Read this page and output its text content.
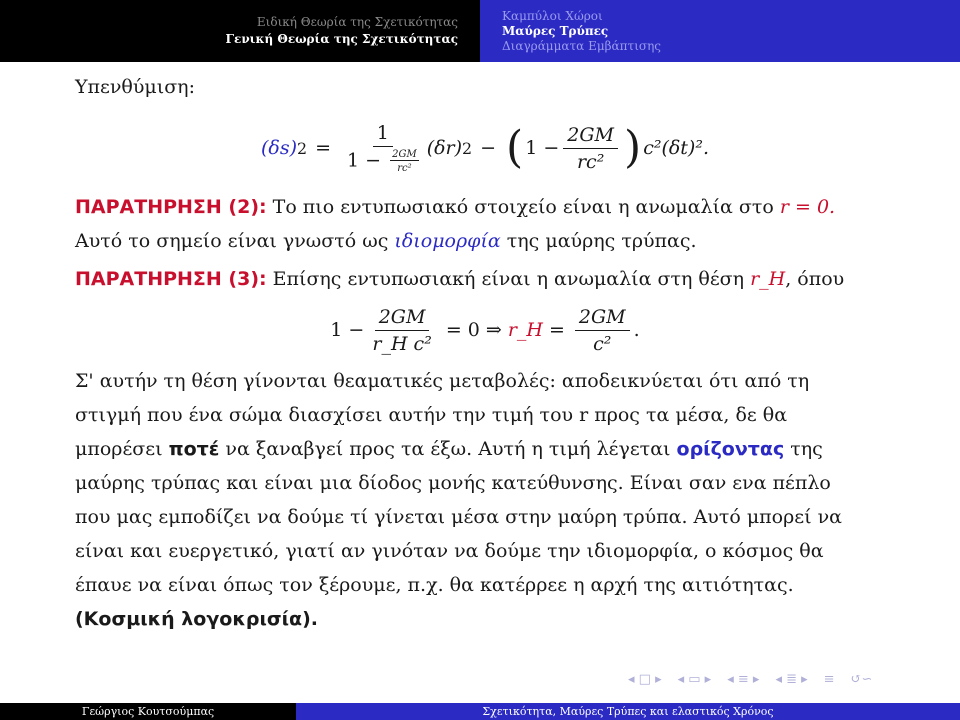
Ειδική Θεωρία της Σχετικότητας
Γενική Θεωρία της Σχετικότητας
Καμπύλοι Χώροι
Μαύρες Τρύπες
Διαγράμματα Εμβάπτισης

Υπενθύμιση:

(δs) $2 = \frac{1}{1 - \frac{2GM}{\text{rc²}}} (\delta r) 2$ − ( $1 - \frac{2GM}{\text{rc²}}$ ) c²(δt)².

ΠΑΡΑΤΗΡΗΣΗ (2): Το πιο εντυπωσιακό στοιχείο είναι η ανωμαλία στο r = 0.

Αυτό το σημείο είναι γνωστό ως ιδιομορφία της μαύρης τρύπας.

ΠΑΡΑΤΗΡΗΣΗ (3): Επίσης εντυπωσιακή είναι η ανωμαλία στη θέση r_H, όπου

$1 - \frac{2GM}{\text{r\_H c²}} = 0$ ⇒ r_H = $\frac{2GM}{\text{c²}}$ .

Σ' αυτήν τη θέση γίνονται θεαματικές μεταβολές: αποδεικνύεται ότι από τη

στιγμή που ένα σώμα διασχίσει αυτήν την τιμή του r προς τα μέσα, δε θα

μπορέσει ποτέ να ξαναβγεί προς τα έξω. Αυτή η τιμή λέγεται ορίζοντας της

μαύρης τρύπας και είναι μια δίοδος μονής κατεύθυνσης. Είναι σαν ενα πέπλο

που μας εμποδίζει να δούμε τί γίνεται μέσα στην μαύρη τρύπα. Αυτό μπορεί να

είναι και ευεργετικό, γιατί αν γινόταν να δούμε την ιδιομορφία, ο κόσμος θα

έπαυε να είναι όπως τον ξέρουμε, π.χ. θα κατέρρεε η αρχή της αιτιότητας.

(Κοσμική λογοκρισία).

◂ □ ▸ ◂ ▭ ▸ ◂ ≡ ▸ ◂ ≣ ▸ ≡ ↺∽
Γεώργιος Κουτσούμπας	Σχετικότητα, Μαύρες Τρύπες και ελαστικός Χρόνος
